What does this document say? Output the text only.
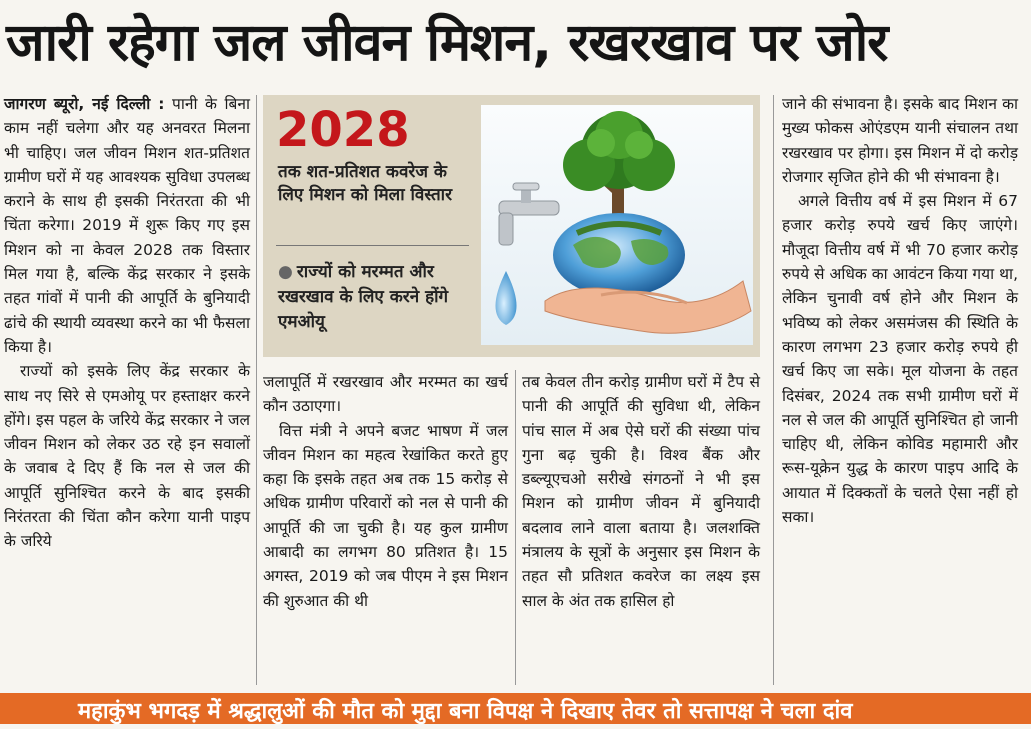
जारी रहेगा जल जीवन मिशन, रखरखाव पर जोर

जागरण ब्यूरो, नई दिल्ली : पानी के बिना काम नहीं चलेगा और यह अनवरत मिलना भी चाहिए। जल जीवन मिशन शत-प्रतिशत ग्रामीण घरों में यह आवश्यक सुविधा उपलब्ध कराने के साथ ही इसकी निरंतरता की भी चिंता करेगा। 2019 में शुरू किए गए इस मिशन को ना केवल 2028 तक विस्तार मिल गया है, बल्कि केंद्र सरकार ने इसके तहत गांवों में पानी की आपूर्ति के बुनियादी ढांचे की स्थायी व्यवस्था करने का भी फैसला किया है।

राज्यों को इसके लिए केंद्र सरकार के साथ नए सिरे से एमओयू पर हस्ताक्षर करने होंगे। इस पहल के जरिये केंद्र सरकार ने जल जीवन मिशन को लेकर उठ रहे इन सवालों के जवाब दे दिए हैं कि नल से जल की आपूर्ति सुनिश्चित करने के बाद इसकी निरंतरता की चिंता कौन करेगा यानी पाइप के जरिये

2028
तक शत-प्रतिशत कवरेज के लिए मिशन को मिला विस्तार
● राज्यों को मरम्मत और रखरखाव के लिए करने होंगे एमओयू

जलापूर्ति में रखरखाव और मरम्मत का खर्च कौन उठाएगा।

वित्त मंत्री ने अपने बजट भाषण में जल जीवन मिशन का महत्व रेखांकित करते हुए कहा कि इसके तहत अब तक 15 करोड़ से अधिक ग्रामीण परिवारों को नल से पानी की आपूर्ति की जा चुकी है। यह कुल ग्रामीण आबादी का लगभग 80 प्रतिशत है। 15 अगस्त, 2019 को जब पीएम ने इस मिशन की शुरुआत की थी

तब केवल तीन करोड़ ग्रामीण घरों में टैप से पानी की आपूर्ति की सुविधा थी, लेकिन पांच साल में अब ऐसे घरों की संख्या पांच गुना बढ़ चुकी है। विश्व बैंक और डब्ल्यूएचओ सरीखे संगठनों ने भी इस मिशन को ग्रामीण जीवन में बुनियादी बदलाव लाने वाला बताया है। जलशक्ति मंत्रालय के सूत्रों के अनुसार इस मिशन के तहत सौ प्रतिशत कवरेज का लक्ष्य इस साल के अंत तक हासिल हो

जाने की संभावना है। इसके बाद मिशन का मुख्य फोकस ओएंडएम यानी संचालन तथा रखरखाव पर होगा। इस मिशन में दो करोड़ रोजगार सृजित होने की भी संभावना है।

अगले वित्तीय वर्ष में इस मिशन में 67 हजार करोड़ रुपये खर्च किए जाएंगे। मौजूदा वित्तीय वर्ष में भी 70 हजार करोड़ रुपये से अधिक का आवंटन किया गया था, लेकिन चुनावी वर्ष होने और मिशन के भविष्य को लेकर असमंजस की स्थिति के कारण लगभग 23 हजार करोड़ रुपये ही खर्च किए जा सके। मूल योजना के तहत दिसंबर, 2024 तक सभी ग्रामीण घरों में नल से जल की आपूर्ति सुनिश्चित हो जानी चाहिए थी, लेकिन कोविड महामारी और रूस-यूक्रेन युद्ध के कारण पाइप आदि के आयात में दिक्कतों के चलते ऐसा नहीं हो सका।

महाकुंभ भगदड़ में श्रद्धालुओं की मौत को मुद्दा बना विपक्ष ने दिखाए तेवर तो सत्तापक्ष ने चला दांव
